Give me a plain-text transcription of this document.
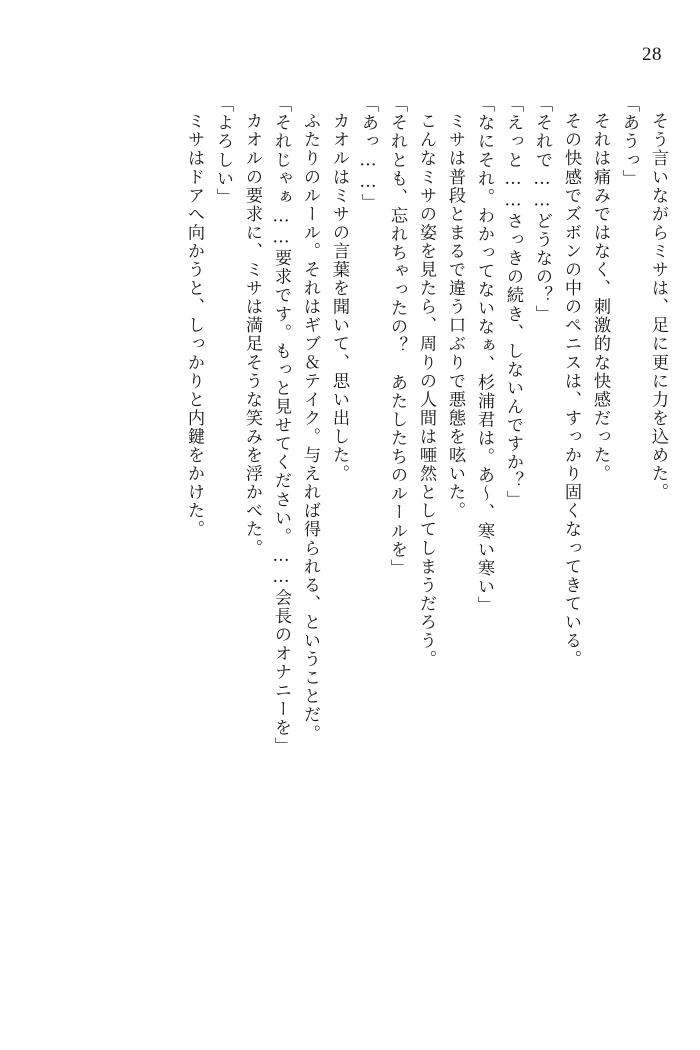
28
そう言いながらミサは、足に更に力を込めた。
「あうっ」
それは痛みではなく、刺激的な快感だった。
その快感でズボンの中のペニスは、すっかり固くなってきている。
「それで……どうなの？」
「えっと……さっきの続き、しないんですか？」
「なにそれ。わかってないなぁ、杉浦君は。あ～、寒い寒い」
ミサは普段とまるで違う口ぶりで悪態を呟いた。
こんなミサの姿を見たら、周りの人間は唖然としてしまうだろう。
「それとも、忘れちゃったの？　あたしたちのルールを」
「あっ……」
カオルはミサの言葉を聞いて、思い出した。
ふたりのルール。それはギブ＆テイク。与えれば得られる、ということだ。
「それじゃぁ……要求です。もっと見せてください。……会長のオナニーを」
カオルの要求に、ミサは満足そうな笑みを浮かべた。
「よろしい」
ミサはドアへ向かうと、しっかりと内鍵をかけた。
